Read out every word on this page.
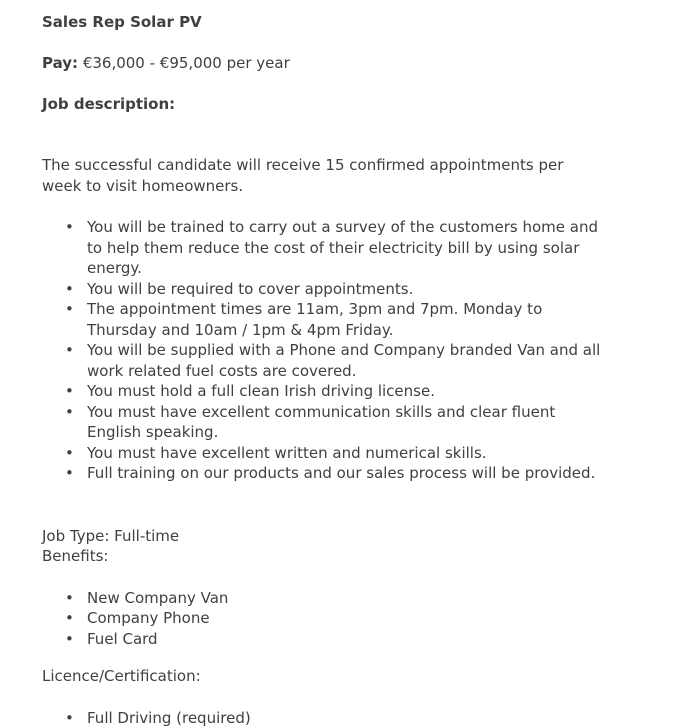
Sales Rep Solar PV

Pay: €36,000 - €95,000 per year

Job description:

The successful candidate will receive 15 confirmed appointments per week to visit homeowners.

• You will be trained to carry out a survey of the customers home and to help them reduce the cost of their electricity bill by using solar energy.
• You will be required to cover appointments.
• The appointment times are 11am, 3pm and 7pm. Monday to Thursday and 10am / 1pm & 4pm Friday.
• You will be supplied with a Phone and Company branded Van and all work related fuel costs are covered.
• You must hold a full clean Irish driving license.
• You must have excellent communication skills and clear fluent English speaking.
• You must have excellent written and numerical skills.
• Full training on our products and our sales process will be provided.

Job Type: Full-time

Benefits:

• New Company Van
• Company Phone
• Fuel Card

Licence/Certification:

• Full Driving (required)
